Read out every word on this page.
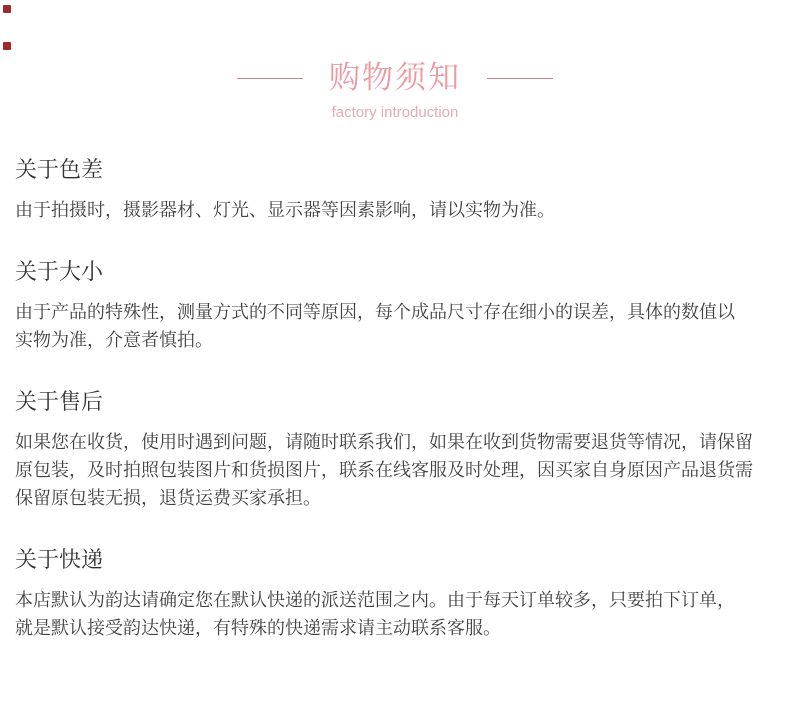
购物须知
factory introduction
关于色差

由于拍摄时，摄影器材、灯光、显示器等因素影响，请以实物为准。

关于大小

由于产品的特殊性，测量方式的不同等原因，每个成品尺寸存在细小的误差，具体的数值以

实物为准，介意者慎拍。

关于售后

如果您在收货，使用时遇到问题，请随时联系我们，如果在收到货物需要退货等情况，请保留

原包装，及时拍照包装图片和货损图片，联系在线客服及时处理，因买家自身原因产品退货需

保留原包装无损，退货运费买家承担。

关于快递

本店默认为韵达请确定您在默认快递的派送范围之内。由于每天订单较多，只要拍下订单，

就是默认接受韵达快递，有特殊的快递需求请主动联系客服。
